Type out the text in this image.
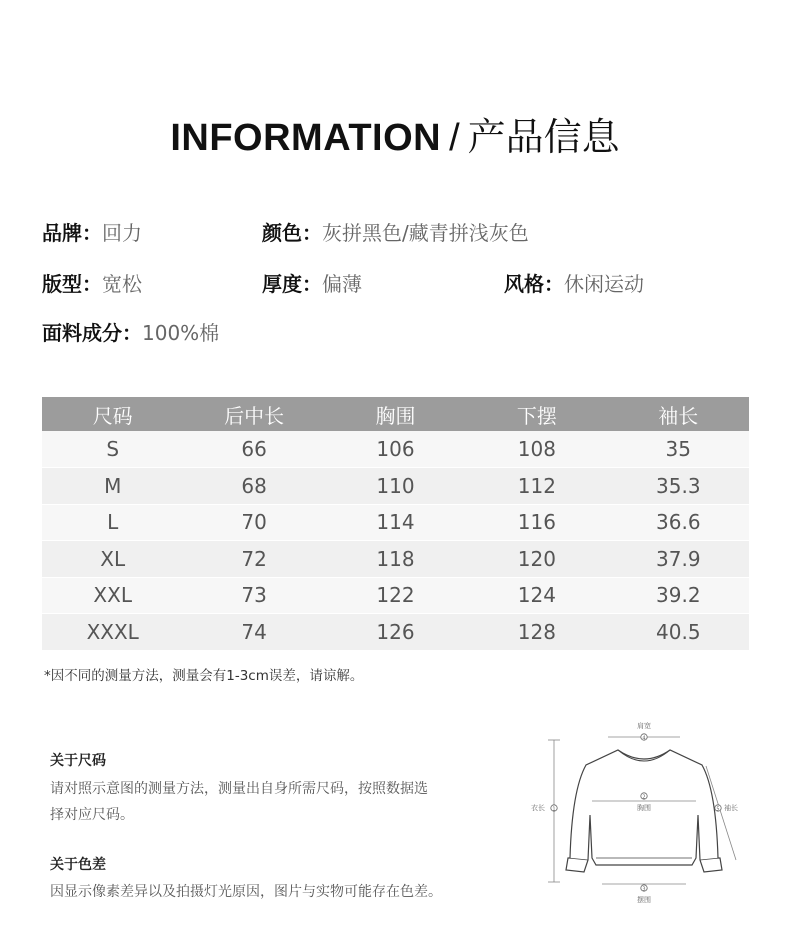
INFORMATION / 产品信息
品牌：回力	颜色：灰拼黑色/藏青拼浅灰色
版型：宽松	厚度：偏薄	风格：休闲运动
面料成分：100%棉
尺码	后中长	胸围	下摆	袖长
S	66	106	108	35
M	68	110	112	35.3
L	70	114	116	36.6
XL	72	118	120	37.9
XXL	73	122	124	39.2
XXXL	74	126	128	40.5
*因不同的测量方法，测量会有1-3cm误差，请谅解。
关于尺码
请对照示意图的测量方法，测量出自身所需尺码，按照数据选
择对应尺码。
关于色差
因显示像素差异以及拍摄灯光原因，图片与实物可能存在色差。
4
肩宽
1
衣长
2
胸围	5 袖长
3
摆围
